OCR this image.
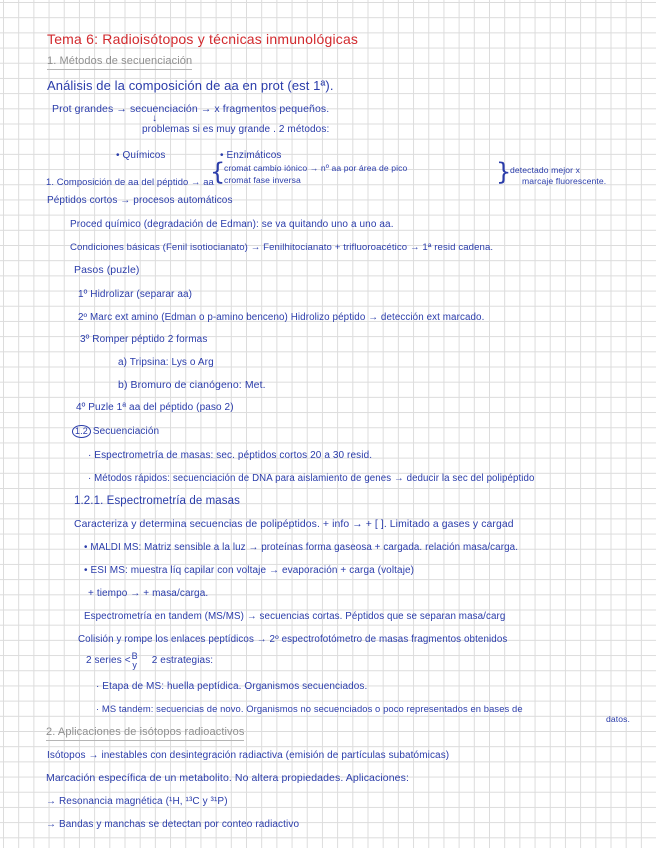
Tema 6: Radioisótopos y técnicas inmunológicas
1. Métodos de secuenciación
Análisis de la composición de aa en prot (est 1ª).
Prot grandes → secuenciación → x fragmentos pequeños.
↓
problemas si es muy grande . 2 métodos:
• Químicos	• Enzimáticos
1. Composición de aa del péptido → aa
{
cromat cambio iónico → nº aa por área de pico
cromat fase inversa	}
detectado mejor x
marcaje fluorescente.
Péptidos cortos → procesos automáticos
Proced químico (degradación de Edman): se va quitando uno a uno aa.
Condiciones básicas (Fenil isotiocianato) → Fenilhitocianato + trifluoroacético → 1ª resid cadena.
Pasos (puzle)
1º Hidrolizar (separar aa)
2º Marc ext amino (Edman o p-amino benceno) Hidrolizo péptido → detección ext marcado.
3º Romper péptido 2 formas
a) Tripsina: Lys o Arg
b) Bromuro de cianógeno: Met.
4º Puzle 1ª aa del péptido (paso 2)
1.2 Secuenciación
· Espectrometría de masas: sec. péptidos cortos 20 a 30 resid.
· Métodos rápidos: secuenciación de DNA para aislamiento de genes → deducir la sec del polipéptido
1.2.1. Espectrometría de masas
Caracteriza y determina secuencias de polipéptidos. + info → + [ ]. Limitado a gases y cargad
• MALDI MS: Matriz sensible a la luz → proteínas forma gaseosa + cargada. relación masa/carga.
• ESI MS: muestra líq capilar con voltaje → evaporación + carga (voltaje)
+ tiempo → + masa/carga.
Espectrometría en tandem (MS/MS) → secuencias cortas. Péptidos que se separan masa/carg
Colisión y rompe los enlaces peptídicos → 2º espectrofotómetro de masas fragmentos obtenidos
2 series < B
y 2 estrategias:
· Etapa de MS: huella peptídica. Organismos secuenciados.
· MS tandem: secuencias de novo. Organismos no secuenciados o poco representados en bases de
datos.
2. Aplicaciones de isótopos radioactivos
Isótopos → inestables con desintegración radiactiva (emisión de partículas subatómicas)
Marcación específica de un metabolito. No altera propiedades. Aplicaciones:
→ Resonancia magnética (¹H, ¹³C y ³¹P)
→ Bandas y manchas se detectan por conteo radiactivo
